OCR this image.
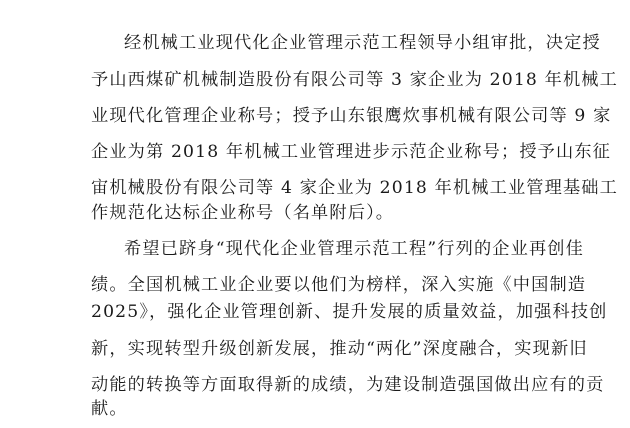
经机械工业现代化企业管理示范工程领导小组审批，决定授
予山西煤矿机械制造股份有限公司等 3 家企业为 2018 年机械工
业现代化管理企业称号；授予山东银鹰炊事机械有限公司等 9 家
企业为第 2018 年机械工业管理进步示范企业称号；授予山东征
宙机械股份有限公司等 4 家企业为 2018 年机械工业管理基础工
作规范化达标企业称号（名单附后）。
希望已跻身“现代化企业管理示范工程”行列的企业再创佳
绩。全国机械工业企业要以他们为榜样，深入实施《中国制造
2025》，强化企业管理创新、提升发展的质量效益，加强科技创
新，实现转型升级创新发展，推动“两化”深度融合，实现新旧
动能的转换等方面取得新的成绩，为建设制造强国做出应有的贡
献。
